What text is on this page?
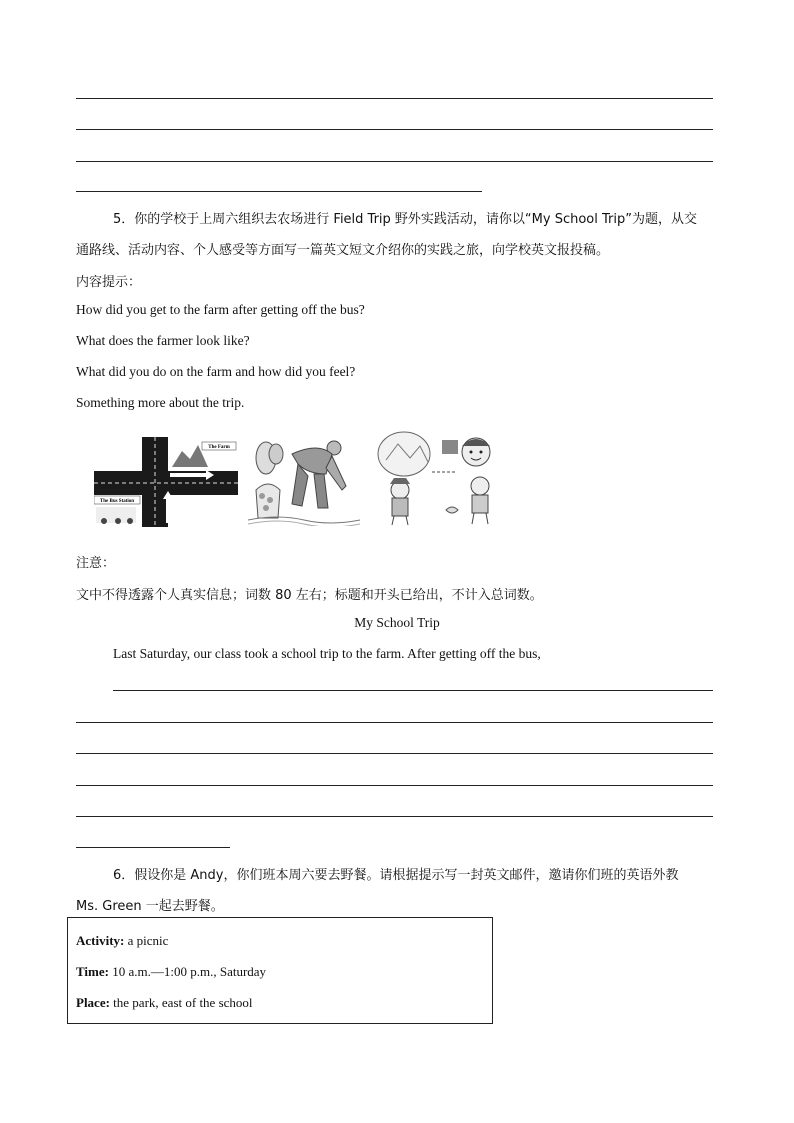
5．你的学校于上周六组织去农场进行 Field Trip 野外实践活动，请你以“My School Trip”为题，从交
通路线、活动内容、个人感受等方面写一篇英文短文介绍你的实践之旅，向学校英文报投稿。
内容提示：
How did you get to the farm after getting off the bus?
What does the farmer look like?
What did you do on the farm and how did you feel?
Something more about the trip.
The Farm
The Bus Station
注意：
文中不得透露个人真实信息；词数 80 左右；标题和开头已给出，不计入总词数。
My School Trip
Last Saturday, our class took a school trip to the farm. After getting off the bus,
6．假设你是 Andy，你们班本周六要去野餐。请根据提示写一封英文邮件，邀请你们班的英语外教
Ms. Green 一起去野餐。
Activity: a picnic
Time: 10 a.m.—1:00 p.m., Saturday
Place: the park, east of the school
